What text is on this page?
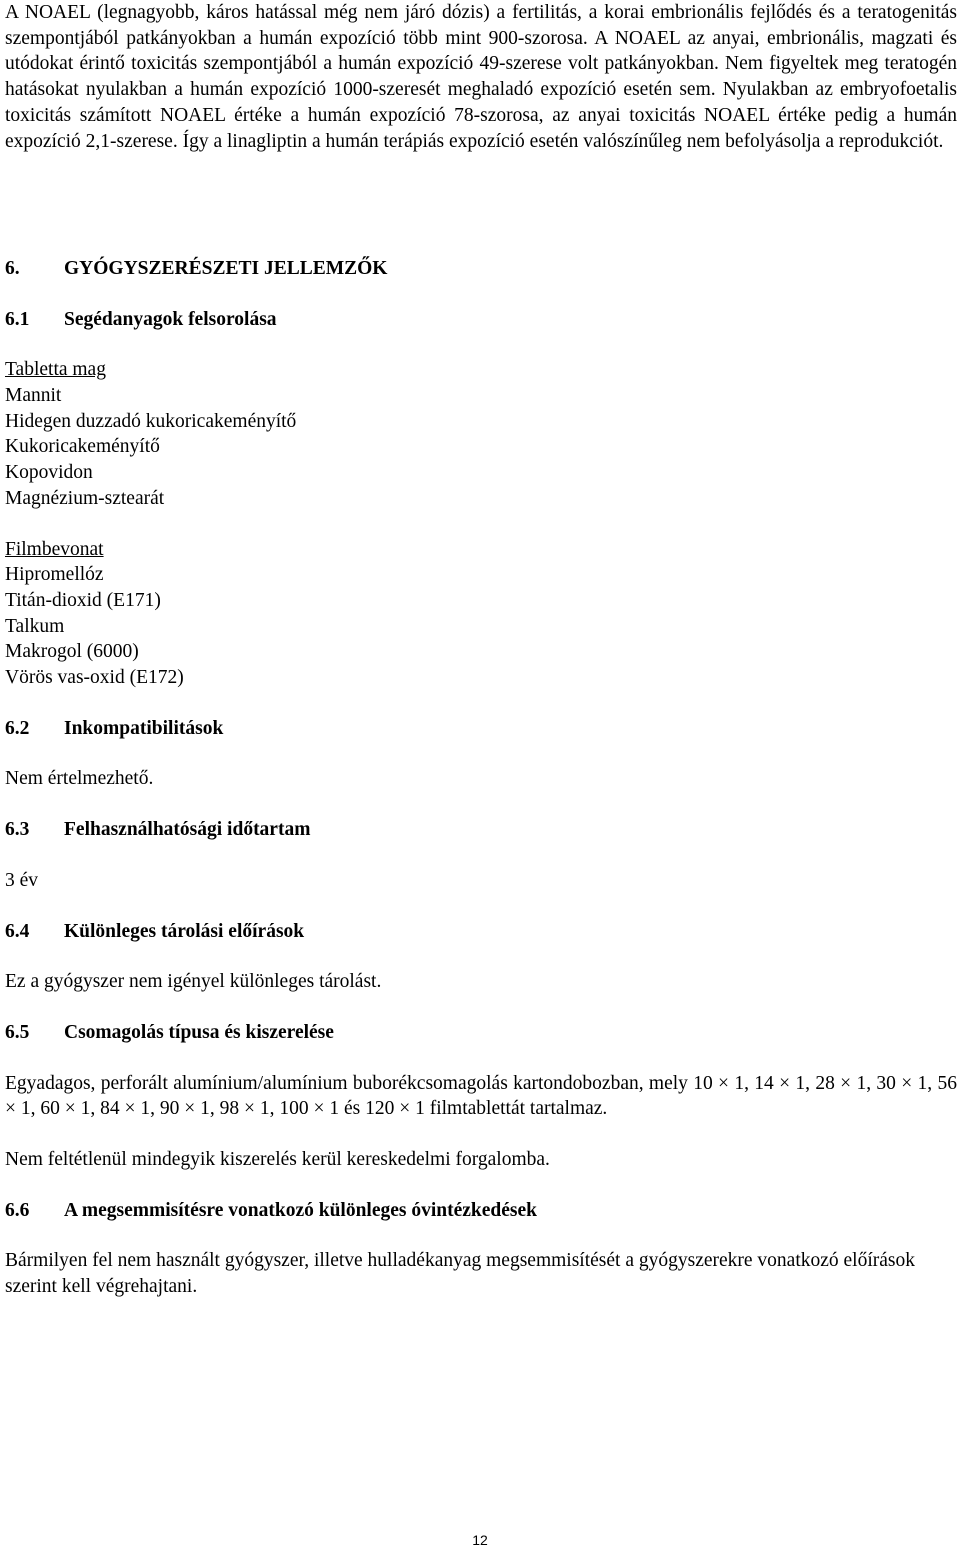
A NOAEL (legnagyobb, káros hatással még nem járó dózis) a fertilitás, a korai embrionális fejlődés és a teratogenitás szempontjából patkányokban a humán expozíció több mint 900-szorosa. A NOAEL az anyai, embrionális, magzati és utódokat érintő toxicitás szempontjából a humán expozíció 49-szerese volt patkányokban. Nem figyeltek meg teratogén hatásokat nyulakban a humán expozíció 1000-szeresét meghaladó expozíció esetén sem. Nyulakban az embryofoetalis toxicitás számított NOAEL értéke a humán expozíció 78-szorosa, az anyai toxicitás NOAEL értéke pedig a humán expozíció 2,1-szerese. Így a linagliptin a humán terápiás expozíció esetén valószínűleg nem befolyásolja a reprodukciót.

6.	GYÓGYSZERÉSZETI JELLEMZŐK
6.1	Segédanyagok felsorolása
Tabletta mag
Mannit
Hidegen duzzadó kukoricakeményítő
Kukoricakeményítő
Kopovidon
Magnézium-sztearát
Filmbevonat
Hipromellóz
Titán-dioxid (E171)
Talkum
Makrogol (6000)
Vörös vas-oxid (E172)
6.2	Inkompatibilitások

Nem értelmezhető.

6.3	Felhasználhatósági időtartam

3 év

6.4	Különleges tárolási előírások

Ez a gyógyszer nem igényel különleges tárolást.

6.5	Csomagolás típusa és kiszerelése

Egyadagos, perforált alumínium/alumínium buborékcsomagolás kartondobozban, mely 10 × 1, 14 × 1, 28 × 1, 30 × 1, 56 × 1, 60 × 1, 84 × 1, 90 × 1, 98 × 1, 100 × 1 és 120 × 1 filmtablettát tartalmaz.

Nem feltétlenül mindegyik kiszerelés kerül kereskedelmi forgalomba.

6.6	A megsemmisítésre vonatkozó különleges óvintézkedések

Bármilyen fel nem használt gyógyszer, illetve hulladékanyag megsemmisítését a gyógyszerekre vonatkozó előírások szerint kell végrehajtani.

12
